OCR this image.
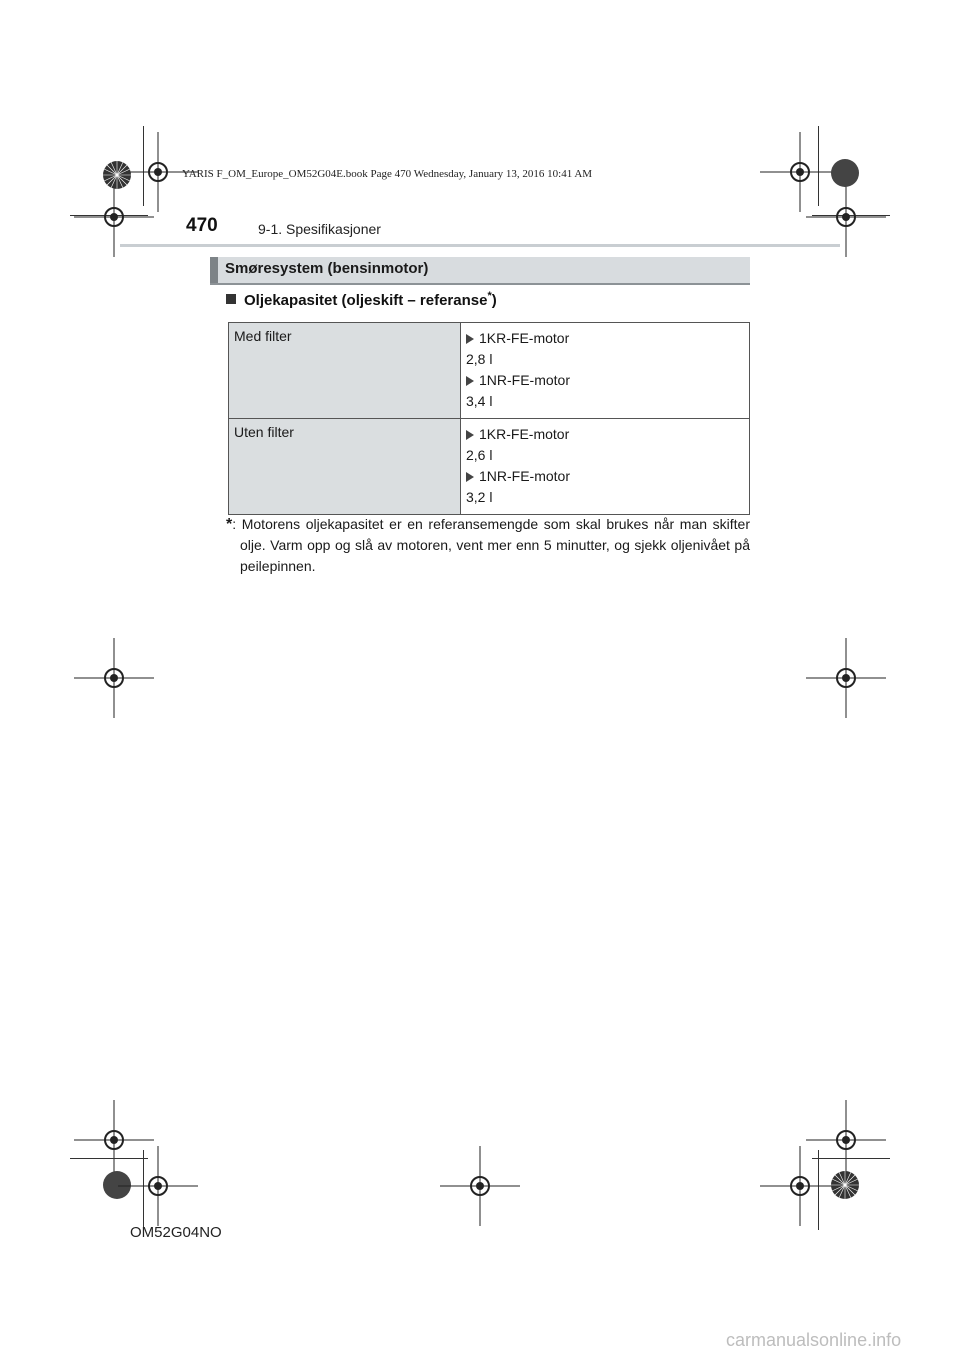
YARIS F_OM_Europe_OM52G04E.book Page 470 Wednesday, January 13, 2016 10:41 AM
470	9-1. Spesifikasjoner
Smøresystem (bensinmotor)
Oljekapasitet (oljeskift – referanse*)
Med filter	1KR-FE-motor
2,8 l
1NR-FE-motor
3,4 l

Uten filter	1KR-FE-motor
2,6 l
1NR-FE-motor
3,2 l
*: Motorens oljekapasitet er en referansemengde som skal brukes når man skifter olje. Varm opp og slå av motoren, vent mer enn 5 minutter, og sjekk oljenivået på peilepinnen.
OM52G04NO
carmanualsonline.info
